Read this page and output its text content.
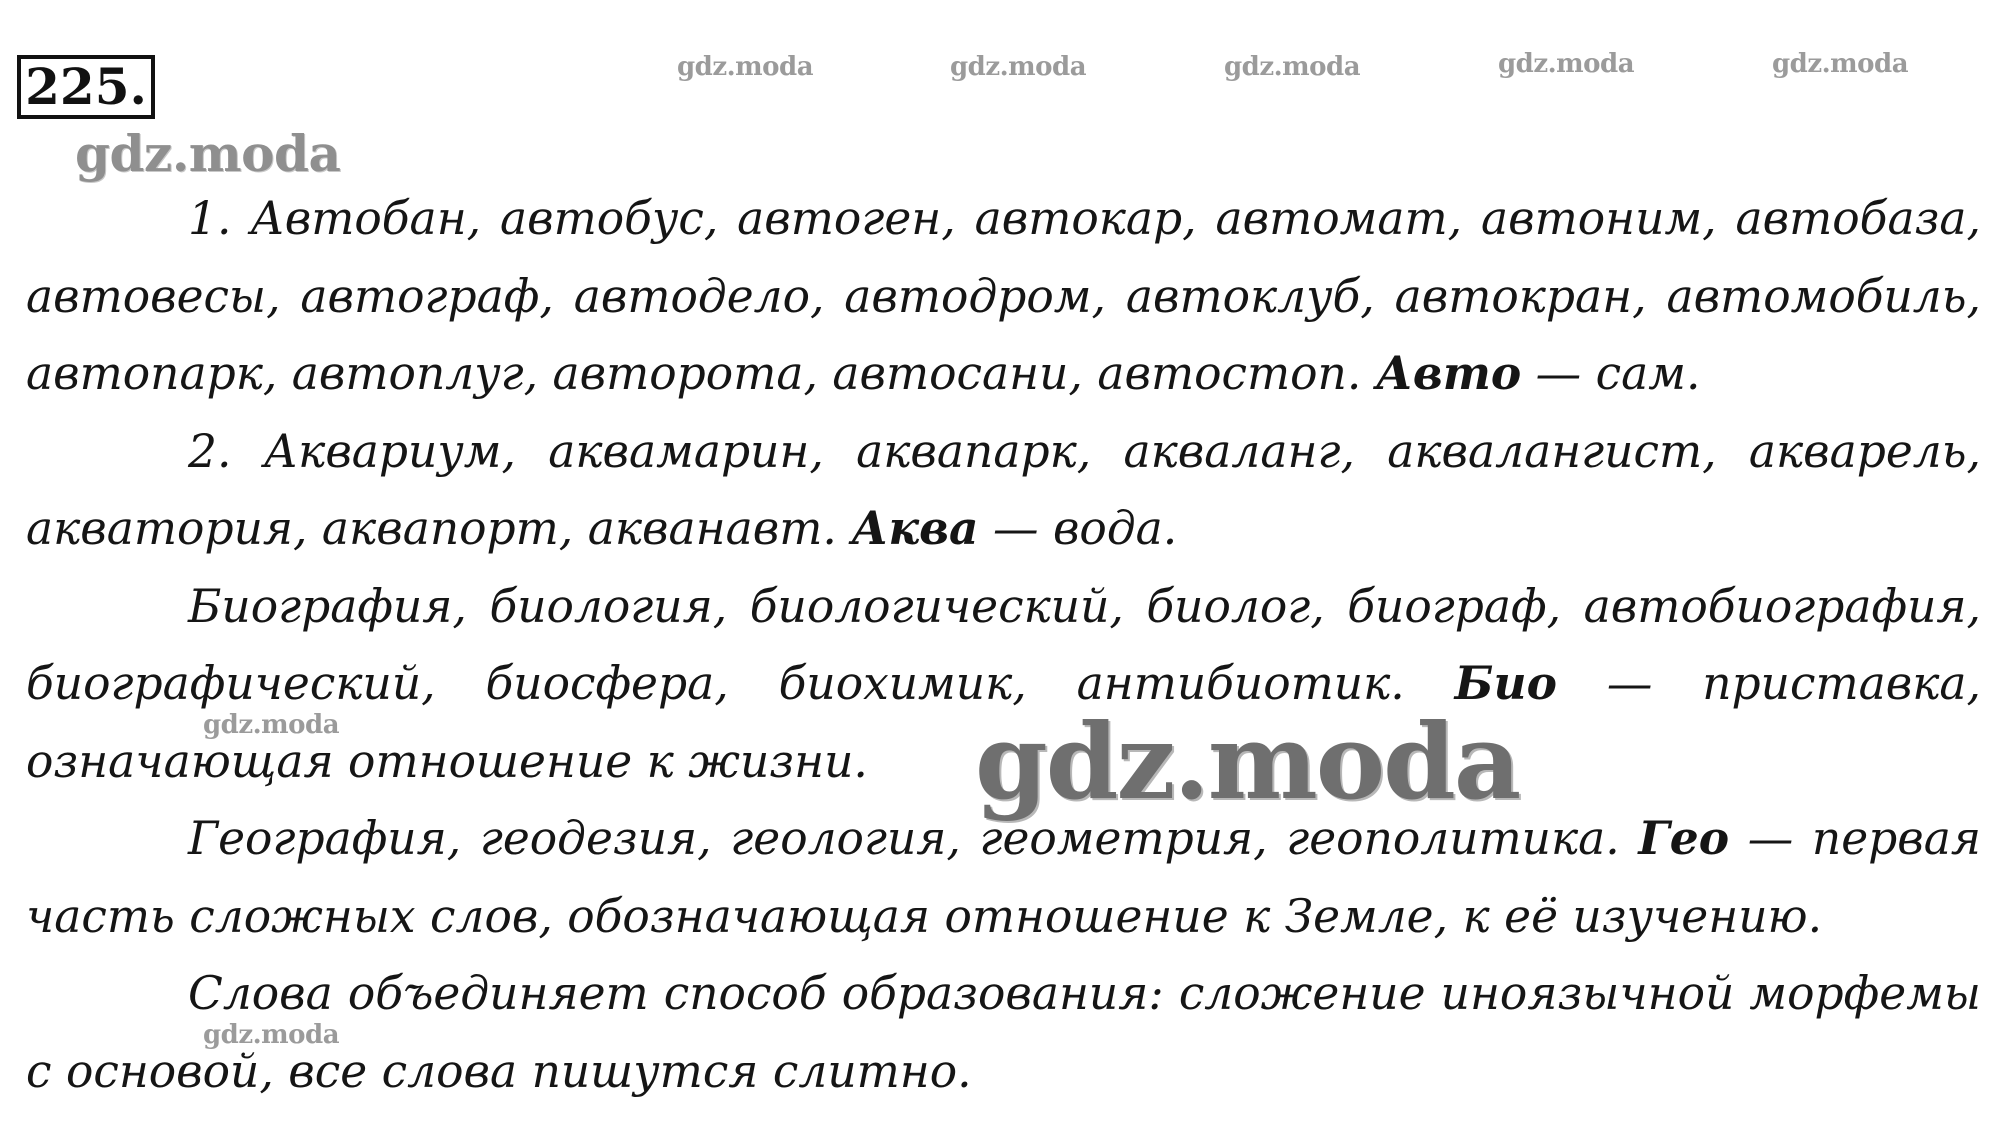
225.	gdz.moda	gdz.moda	gdz.moda	gdz.moda	gdz.moda
gdz.moda

1. Автобан, автобус, автоген, автокар, автомат, автоним, автобаза, автовесы, автограф, автодело, автодром, автоклуб, автокран, автомобиль, автопарк, автоплуг, авторота, автосани, автостоп. Авто — сам.

2. Аквариум, аквамарин, аквапарк, акваланг, аквалангист, акварель, акватория, аквапорт, акванавт. Аква — вода.

Биография, биология, биологический, биолог, биограф, автобиография, биографический, биосфера, биохимик, антибиотик. Био — приставка, означающая отношение к жизни.

География, геодезия, геология, геометрия, геополитика. Гео — первая часть сложных слов, обозначающая отношение к Земле, к её изучению.

Слова объединяет способ образования: сложение иноязычной морфемы с основой, все слова пишутся слитно.

gdz.moda
gdz.moda
gdz.moda
